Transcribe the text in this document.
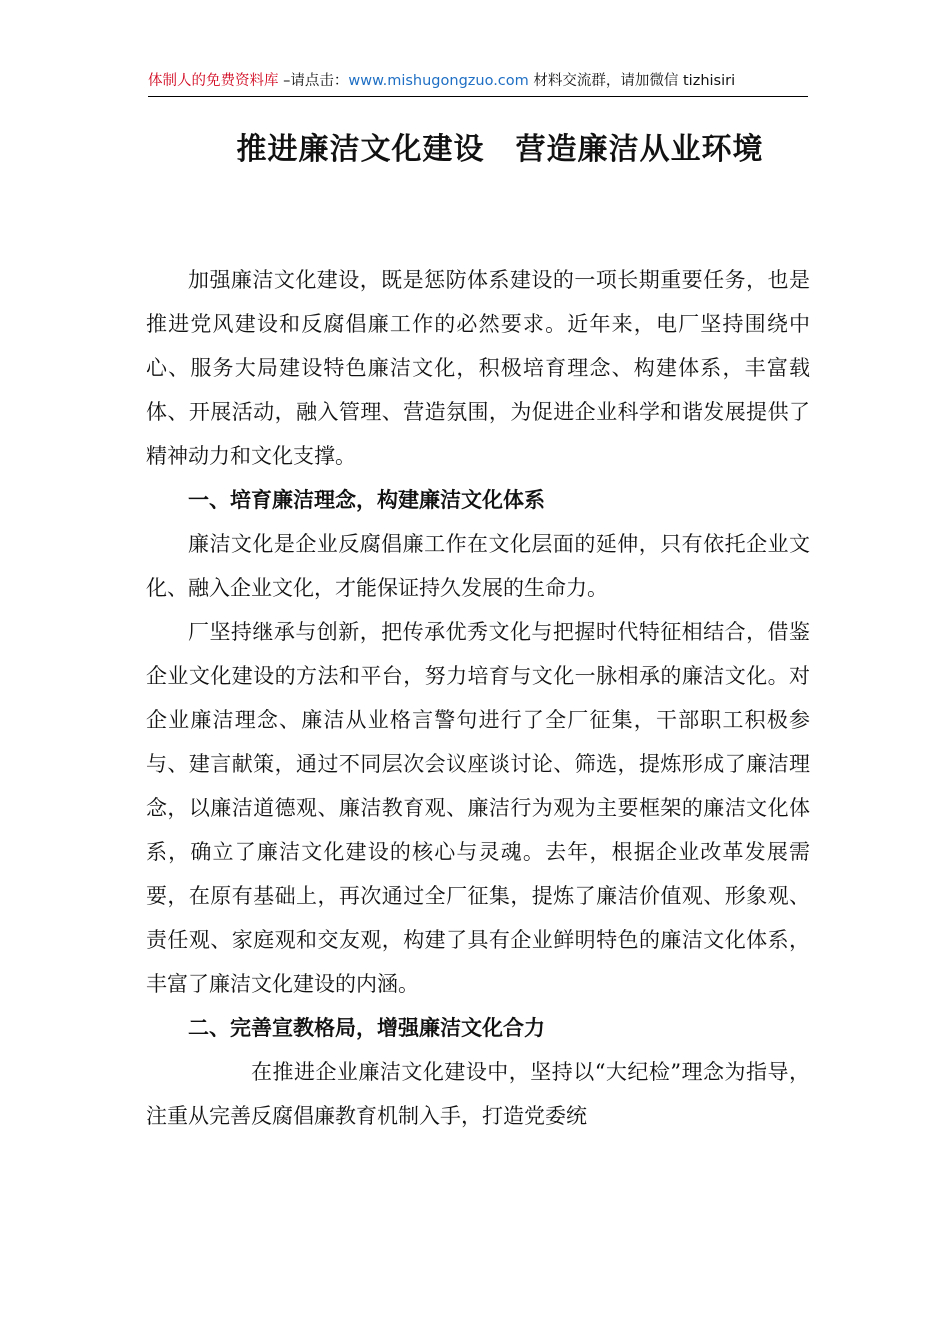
体制人的免费资料库 –请点击：www.mishugongzuo.com 材料交流群，请加微信 tizhisiri
推进廉洁文化建设　营造廉洁从业环境

加强廉洁文化建设，既是惩防体系建设的一项长期重要任务，也是推进党风建设和反腐倡廉工作的必然要求。近年来，电厂坚持围绕中心、服务大局建设特色廉洁文化，积极培育理念、构建体系，丰富载体、开展活动，融入管理、营造氛围，为促进企业科学和谐发展提供了精神动力和文化支撑。

一、培育廉洁理念，构建廉洁文化体系

廉洁文化是企业反腐倡廉工作在文化层面的延伸，只有依托企业文化、融入企业文化，才能保证持久发展的生命力。

厂坚持继承与创新，把传承优秀文化与把握时代特征相结合，借鉴企业文化建设的方法和平台，努力培育与文化一脉相承的廉洁文化。对企业廉洁理念、廉洁从业格言警句进行了全厂征集，干部职工积极参与、建言献策，通过不同层次会议座谈讨论、筛选，提炼形成了廉洁理念，以廉洁道德观、廉洁教育观、廉洁行为观为主要框架的廉洁文化体系，确立了廉洁文化建设的核心与灵魂。去年，根据企业改革发展需要，在原有基础上，再次通过全厂征集，提炼了廉洁价值观、形象观、责任观、家庭观和交友观，构建了具有企业鲜明特色的廉洁文化体系，丰富了廉洁文化建设的内涵。

二、完善宣教格局，增强廉洁文化合力

在推进企业廉洁文化建设中，坚持以“大纪检”理念为指导，注重从完善反腐倡廉教育机制入手，打造党委统
